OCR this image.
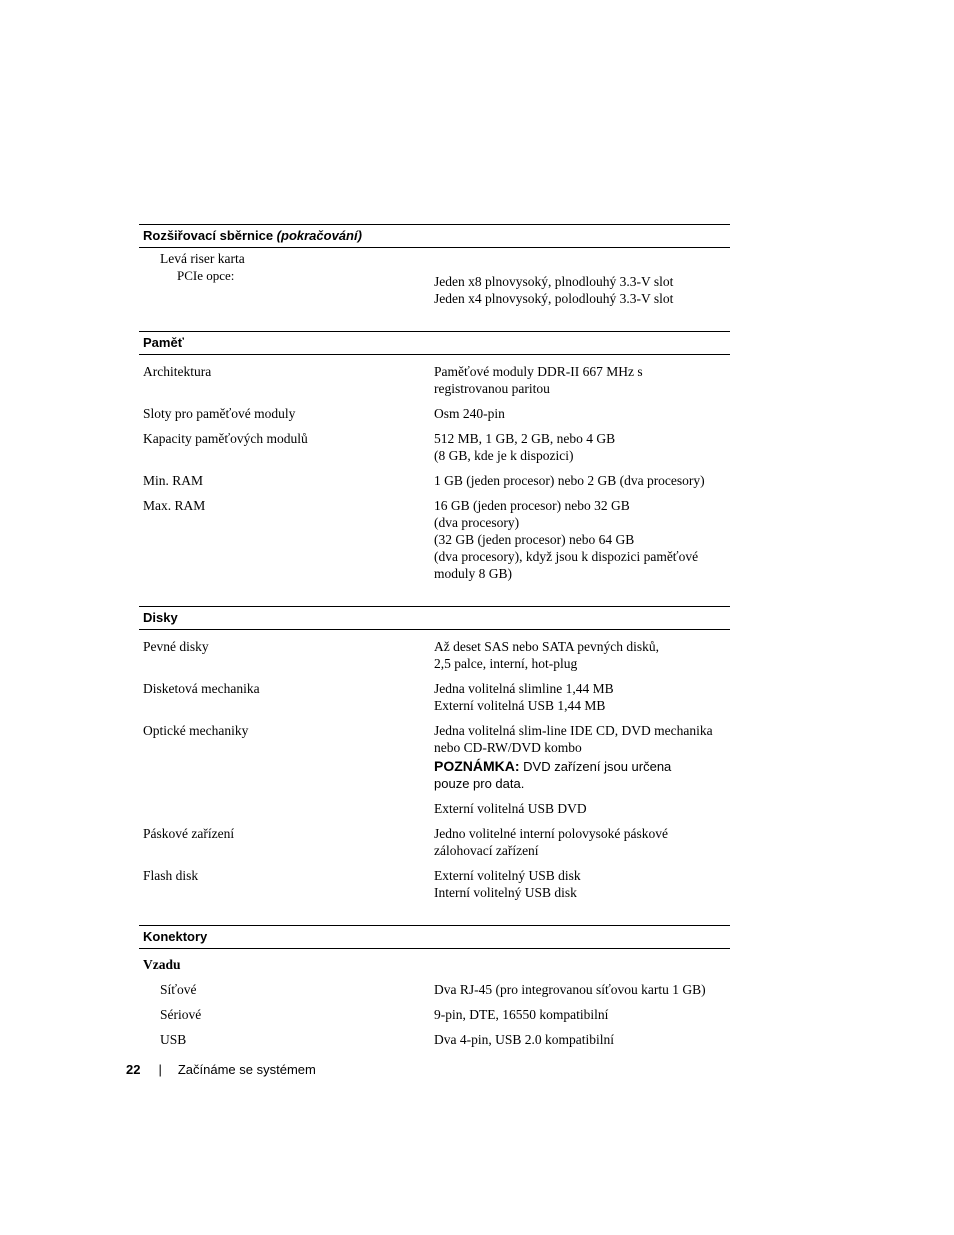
Rozšiřovací sběrnice (pokračování)
Levá riser karta
PCIe opce:	Jeden x8 plnovysoký, plnodlouhý 3.3-V slot
Jeden x4 plnovysoký, polodlouhý 3.3-V slot
Paměť
Architektura	Paměťové moduly DDR-II 667 MHz s
registrovanou paritou
Sloty pro paměťové moduly	Osm 240-pin
Kapacity paměťových modulů	512 MB, 1 GB, 2 GB, nebo 4 GB
(8 GB, kde je k dispozici)
Min. RAM	1 GB (jeden procesor) nebo 2 GB (dva procesory)
Max. RAM	16 GB (jeden procesor) nebo 32 GB
(dva procesory)
(32 GB (jeden procesor) nebo 64 GB
(dva procesory), když jsou k dispozici paměťové
moduly 8 GB)
Disky
Pevné disky	Až deset SAS nebo SATA pevných disků,
2,5 palce, interní, hot-plug
Disketová mechanika	Jedna volitelná slimline 1,44 MB
Externí volitelná USB 1,44 MB
Optické mechaniky	Jedna volitelná slim-line IDE CD, DVD mechanika
nebo CD-RW/DVD kombo
POZNÁMKA: DVD zařízení jsou určena
pouze pro data.
Externí volitelná USB DVD
Páskové zařízení	Jedno volitelné interní polovysoké páskové
zálohovací zařízení
Flash disk	Externí volitelný USB disk
Interní volitelný USB disk
Konektory
Vzadu
Síťové	Dva RJ-45 (pro integrovanou síťovou kartu 1 GB)
Sériové	9-pin, DTE, 16550 kompatibilní
USB	Dva 4-pin, USB 2.0 kompatibilní
22 | Začínáme se systémem
